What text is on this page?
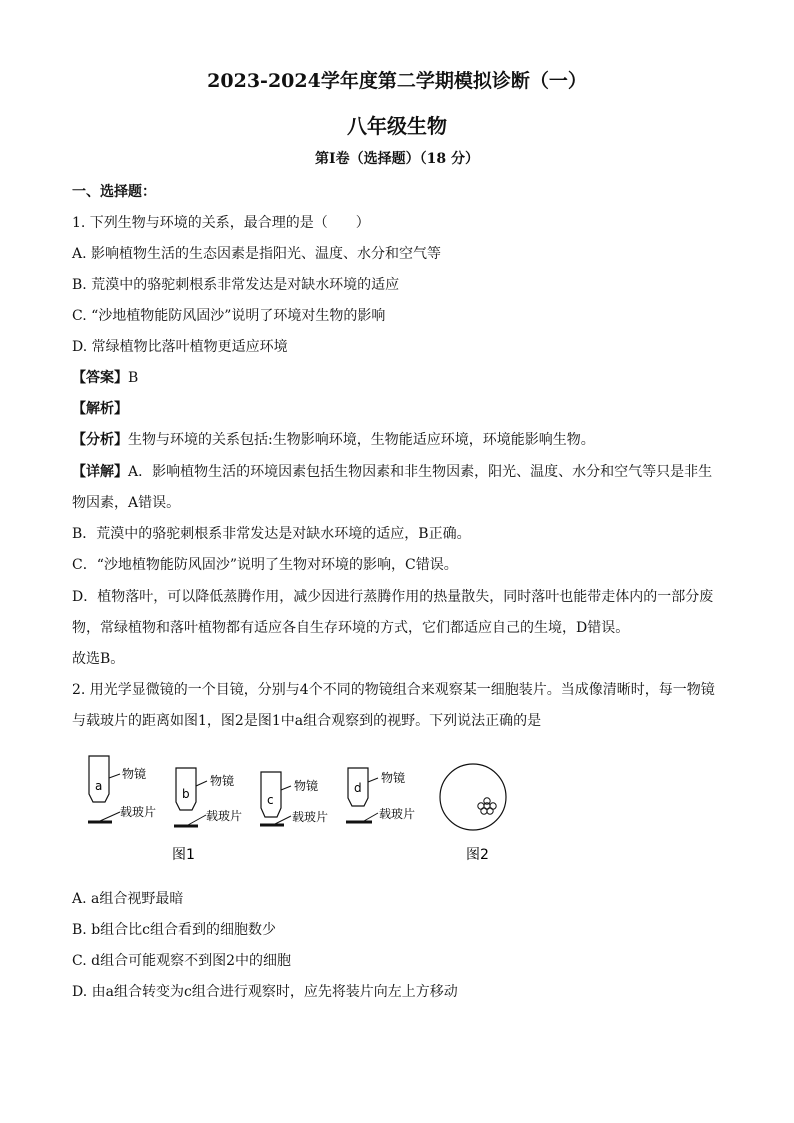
2023-2024学年度第二学期模拟诊断（一）
八年级生物
第Ⅰ卷（选择题）（18 分）
一、选择题：
1. 下列生物与环境的关系，最合理的是（　　）
A. 影响植物生活的生态因素是指阳光、温度、水分和空气等
B. 荒漠中的骆驼刺根系非常发达是对缺水环境的适应
C. “沙地植物能防风固沙”说明了环境对生物的影响
D. 常绿植物比落叶植物更适应环境
【答案】B
【解析】
【分析】生物与环境的关系包括:生物影响环境，生物能适应环境，环境能影响生物。
【详解】A．影响植物生活的环境因素包括生物因素和非生物因素，阳光、温度、水分和空气等只是非生
物因素，A错误。
B．荒漠中的骆驼刺根系非常发达是对缺水环境的适应，B正确。
C．“沙地植物能防风固沙”说明了生物对环境的影响，C错误。
D．植物落叶，可以降低蒸腾作用，减少因进行蒸腾作用的热量散失，同时落叶也能带走体内的一部分废
物，常绿植物和落叶植物都有适应各自生存环境的方式，它们都适应自己的生境，D错误。
故选B。
2. 用光学显微镜的一个目镜，分别与4个不同的物镜组合来观察某一细胞装片。当成像清晰时，每一物镜
与载玻片的距离如图1，图2是图1中a组合观察到的视野。下列说法正确的是
a
物镜
载玻片
b
物镜
载玻片
c
物镜
载玻片
d
物镜
载玻片
图1	图2
A. a组合视野最暗
B. b组合比c组合看到的细胞数少
C. d组合可能观察不到图2中的细胞
D. 由a组合转变为c组合进行观察时，应先将装片向左上方移动
